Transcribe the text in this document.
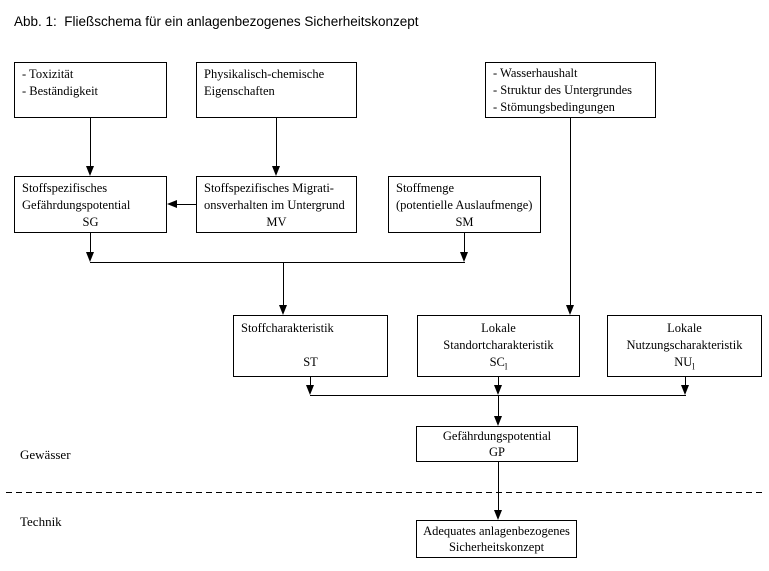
Abb. 1:  Fließschema für ein anlagenbezogenes Sicherheitskonzept
- Toxizität
- Beständigkeit
Physikalisch-chemische
Eigenschaften
- Wasserhaushalt
- Struktur des Untergrundes
- Stömungsbedingungen
Stoffspezifisches
Gefährdungspotential
SG
Stoffspezifisches Migrati-
onsverhalten im Untergrund
MV
Stoffmenge
(potentielle Auslaufmenge)
SM
Stoffcharakteristik
ST
Lokale
Standortcharakteristik
$SC_l$
Lokale
Nutzungscharakteristik
$NU_l$
Gefährdungspotential
GP
Adequates anlagenbezogenes
Sicherheitskonzept
Gewässer
Technik
